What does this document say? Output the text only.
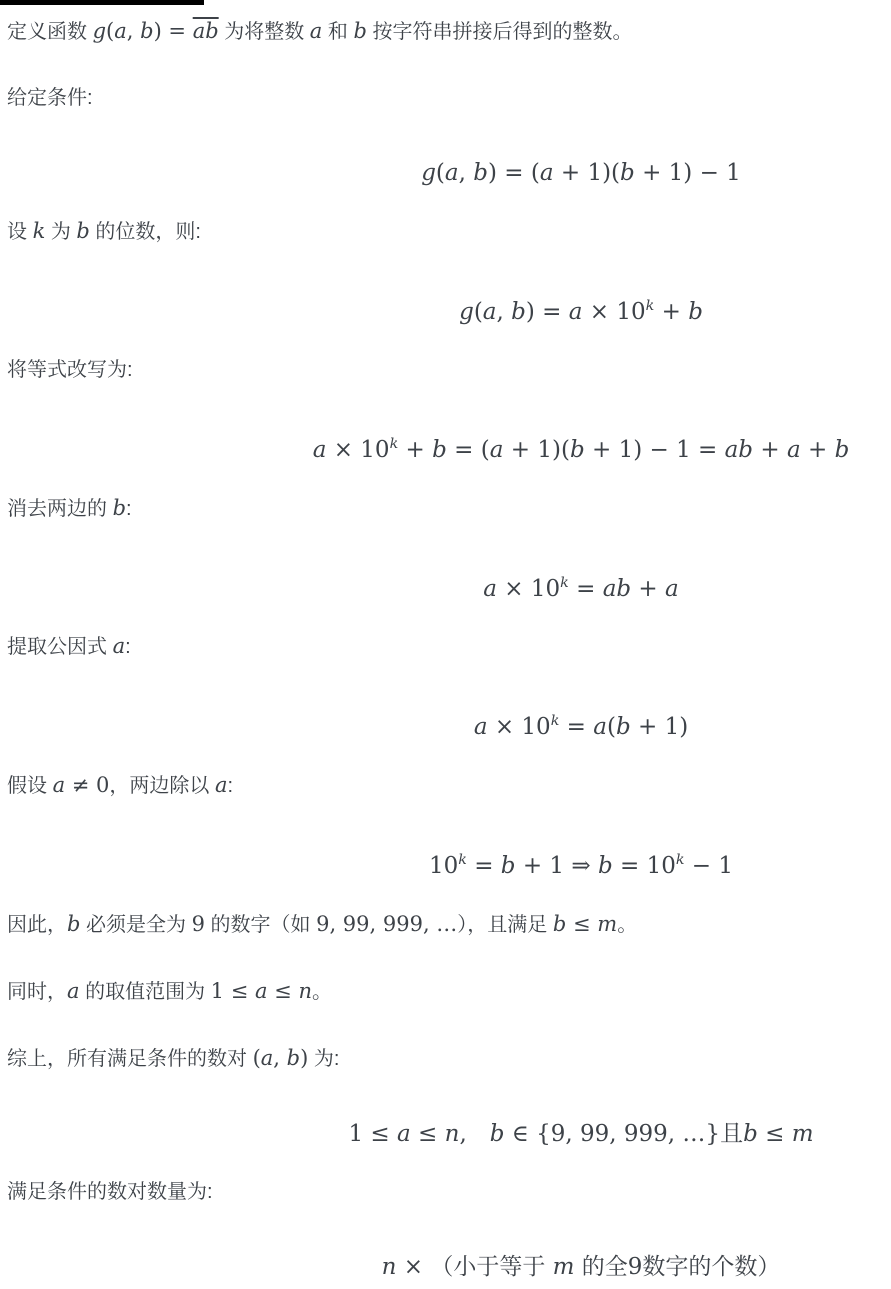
定义函数 g(a, $b) = \overline{ab}$ 为将整数 a 和 b 按字符串拼接后得到的整数。
给定条件:
g(a, b) = (a + 1)(b + 1) − 1
设 k 为 b 的位数，则:
g(a, $b) = a \times 10^k + b$
将等式改写为:
$a \times 10^k + b = (a + 1)(b + 1) - 1$ = ab + a + b
消去两边的 b:
$a \times 10^k$ = ab + a
提取公因式 a:
$a \times 10^k = a(b + 1)$
假设 a ≠ 0，两边除以 a:
$10^k = b + 1$ ⇒ $b = 10^k - 1$
因此，b 必须是全为 9 的数字（如 9, 99, 999, …），且满足 b ≤ m。
同时，a 的取值范围为 1 ≤ a ≤ n。
综上，所有满足条件的数对 (a, b) 为:
1 ≤ a ≤ n, b ∈ {9, 99, 999, …}且b ≤ m
满足条件的数对数量为:
n × （小于等于 m 的全9数字的个数）
